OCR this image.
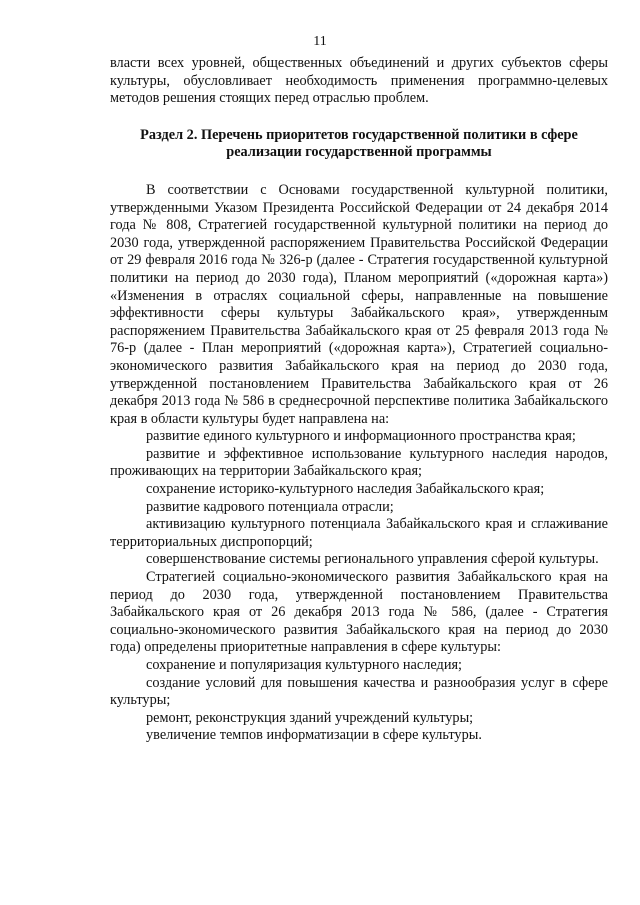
11

власти всех уровней, общественных объединений и других субъектов сферы культуры, обусловливает необходимость применения программно-целевых методов решения стоящих перед отраслью проблем.

Раздел 2. Перечень приоритетов государственной политики в сфере реализации государственной программы

В соответствии с Основами государственной культурной политики, утвержденными Указом Президента Российской Федерации от 24 декабря 2014 года № 808, Стратегией государственной культурной политики на период до 2030 года, утвержденной распоряжением Правительства Российской Федерации от 29 февраля 2016 года № 326-р (далее - Стратегия государственной культурной политики на период до 2030 года), Планом мероприятий («дорожная карта») «Изменения в отраслях социальной сферы, направленные на повышение эффективности сферы культуры Забайкальского края», утвержденным распоряжением Правительства Забайкальского края от 25 февраля 2013 года № 76-р (далее - План мероприятий («дорожная карта»), Стратегией социально-экономического развития Забайкальского края на период до 2030 года, утвержденной постановлением Правительства Забайкальского края от 26 декабря 2013 года № 586 в среднесрочной перспективе политика Забайкальского края в области культуры будет направлена на:

развитие единого культурного и информационного пространства края;

развитие и эффективное использование культурного наследия народов, проживающих на территории Забайкальского края;

сохранение историко-культурного наследия Забайкальского края;

развитие кадрового потенциала отрасли;

активизацию культурного потенциала Забайкальского края и сглаживание территориальных диспропорций;

совершенствование системы регионального управления сферой культуры.

Стратегией социально-экономического развития Забайкальского края на период до 2030 года, утвержденной постановлением Правительства Забайкальского края от 26 декабря 2013 года № 586, (далее - Стратегия социально-экономического развития Забайкальского края на период до 2030 года) определены приоритетные направления в сфере культуры:

сохранение и популяризация культурного наследия;

создание условий для повышения качества и разнообразия услуг в сфере культуры;

ремонт, реконструкция зданий учреждений культуры;

увеличение темпов информатизации в сфере культуры.
